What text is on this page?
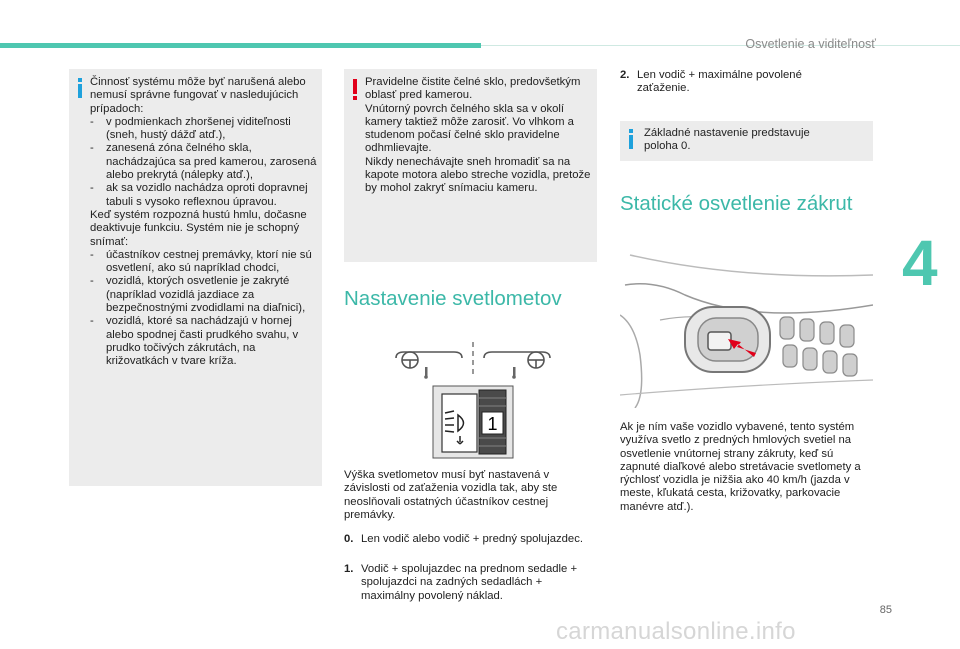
Osvetlenie a viditeľnosť
4

Činnosť systému môže byť narušená alebo nemusí správne fungovať v nasledujúcich prípadoch:

- v podmienkach zhoršenej viditeľnosti (sneh, hustý dážď atď.),
- zanesená zóna čelného skla, nachádzajúca sa pred kamerou, zarosená alebo prekrytá (nálepky atď.),
- ak sa vozidlo nachádza oproti dopravnej tabuli s vysoko reflexnou úpravou.

Keď systém rozpozná hustú hmlu, dočasne deaktivuje funkciu. Systém nie je schopný snímať:

- účastníkov cestnej premávky, ktorí nie sú osvetlení, ako sú napríklad chodci,
- vozidlá, ktorých osvetlenie je zakryté (napríklad vozidlá jazdiace za bezpečnostnými zvodidlami na diaľnici),
- vozidlá, ktoré sa nachádzajú v hornej alebo spodnej časti prudkého svahu, v prudko točivých zákrutách, na križovatkách v tvare kríža.

Pravidelne čistite čelné sklo, predovšetkým oblasť pred kamerou.

Vnútorný povrch čelného skla sa v okolí kamery taktiež môže zarosiť. Vo vlhkom a studenom počasí čelné sklo pravidelne odhmlievajte.

Nikdy nenechávajte sneh hromadiť sa na kapote motora alebo streche vozidla, pretože by mohol zakryť snímaciu kameru.

Nastavenie svetlometov
1
Výška svetlometov musí byť nastavená v závislosti od zaťaženia vozidla tak, aby ste neoslňovali ostatných účastníkov cestnej premávky.
0. Len vodič alebo vodič + predný spolujazdec.
1. Vodič + spolujazdec na prednom sedadle + spolujazdci na zadných sedadlách + maximálny povolený náklad.
2. Len vodič + maximálne povolené zaťaženie.
Základné nastavenie predstavuje poloha 0.
Statické osvetlenie zákrut
Ak je ním vaše vozidlo vybavené, tento systém využíva svetlo z predných hmlových svetiel na osvetlenie vnútornej strany zákruty, keď sú zapnuté diaľkové alebo stretávacie svetlomety a rýchlosť vozidla je nižšia ako 40 km/h (jazda v meste, kľukatá cesta, križovatky, parkovacie manévre atď.).
85
carmanualsonline.info
